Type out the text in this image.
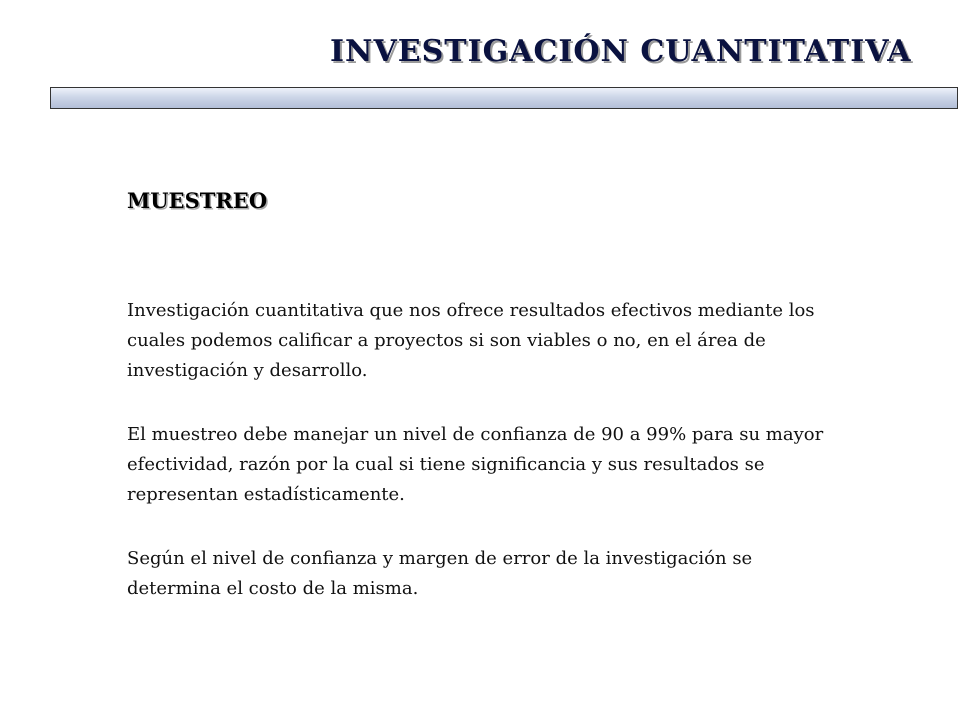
INVESTIGACIÓN CUANTITATIVA
MUESTREO

Investigación cuantitativa que nos ofrece resultados efectivos mediante los cuales podemos calificar a proyectos si son viables o no, en el área de investigación y desarrollo.

El muestreo debe manejar un nivel de confianza de 90 a 99% para su mayor efectividad, razón por la cual si tiene significancia y sus resultados se representan estadísticamente.

Según el nivel de confianza y margen de error de la investigación se determina el costo de la misma.
